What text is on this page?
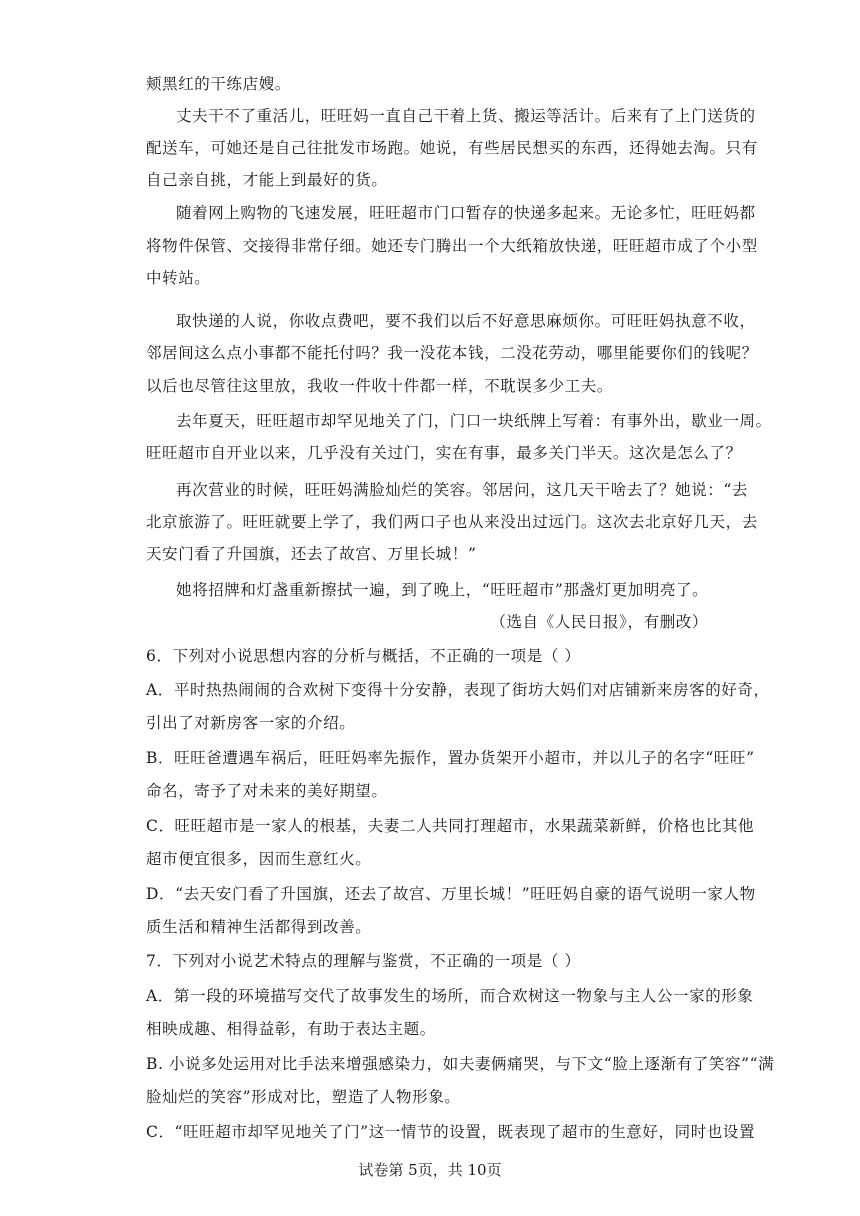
颊黑红的干练店嫂。
丈夫干不了重活儿，旺旺妈一直自己干着上货、搬运等活计。后来有了上门送货的
配送车，可她还是自己往批发市场跑。她说，有些居民想买的东西，还得她去淘。只有
自己亲自挑，才能上到最好的货。
随着网上购物的飞速发展，旺旺超市门口暂存的快递多起来。无论多忙，旺旺妈都
将物件保管、交接得非常仔细。她还专门腾出一个大纸箱放快递，旺旺超市成了个小型
中转站。
取快递的人说，你收点费吧，要不我们以后不好意思麻烦你。可旺旺妈执意不收，
邻居间这么点小事都不能托付吗？我一没花本钱，二没花劳动，哪里能要你们的钱呢？
以后也尽管往这里放，我收一件收十件都一样，不耽误多少工夫。
去年夏天，旺旺超市却罕见地关了门，门口一块纸牌上写着：有事外出，歇业一周。
旺旺超市自开业以来，几乎没有关过门，实在有事，最多关门半天。这次是怎么了？
再次营业的时候，旺旺妈满脸灿烂的笑容。邻居问，这几天干啥去了？她说：“去
北京旅游了。旺旺就要上学了，我们两口子也从来没出过远门。这次去北京好几天，去
天安门看了升国旗，还去了故宫、万里长城！”
她将招牌和灯盏重新擦拭一遍，到了晚上，“旺旺超市”那盏灯更加明亮了。
（选自《人民日报》，有删改）
6．下列对小说思想内容的分析与概括，不正确的一项是（ ）
A．平时热热闹闹的合欢树下变得十分安静，表现了街坊大妈们对店铺新来房客的好奇，
引出了对新房客一家的介绍。
B．旺旺爸遭遇车祸后，旺旺妈率先振作，置办货架开小超市，并以儿子的名字“旺旺”
命名，寄予了对未来的美好期望。
C．旺旺超市是一家人的根基，夫妻二人共同打理超市，水果蔬菜新鲜，价格也比其他
超市便宜很多，因而生意红火。
D．“去天安门看了升国旗，还去了故宫、万里长城！”旺旺妈自豪的语气说明一家人物
质生活和精神生活都得到改善。
7．下列对小说艺术特点的理解与鉴赏，不正确的一项是（ ）
A．第一段的环境描写交代了故事发生的场所，而合欢树这一物象与主人公一家的形象
相映成趣、相得益彰，有助于表达主题。
B. 小说多处运用对比手法来增强感染力，如夫妻俩痛哭，与下文“脸上逐渐有了笑容”“满
脸灿烂的笑容”形成对比，塑造了人物形象。
C．“旺旺超市却罕见地关了门”这一情节的设置，既表现了超市的生意好，同时也设置
试卷第 5页，共 10页
